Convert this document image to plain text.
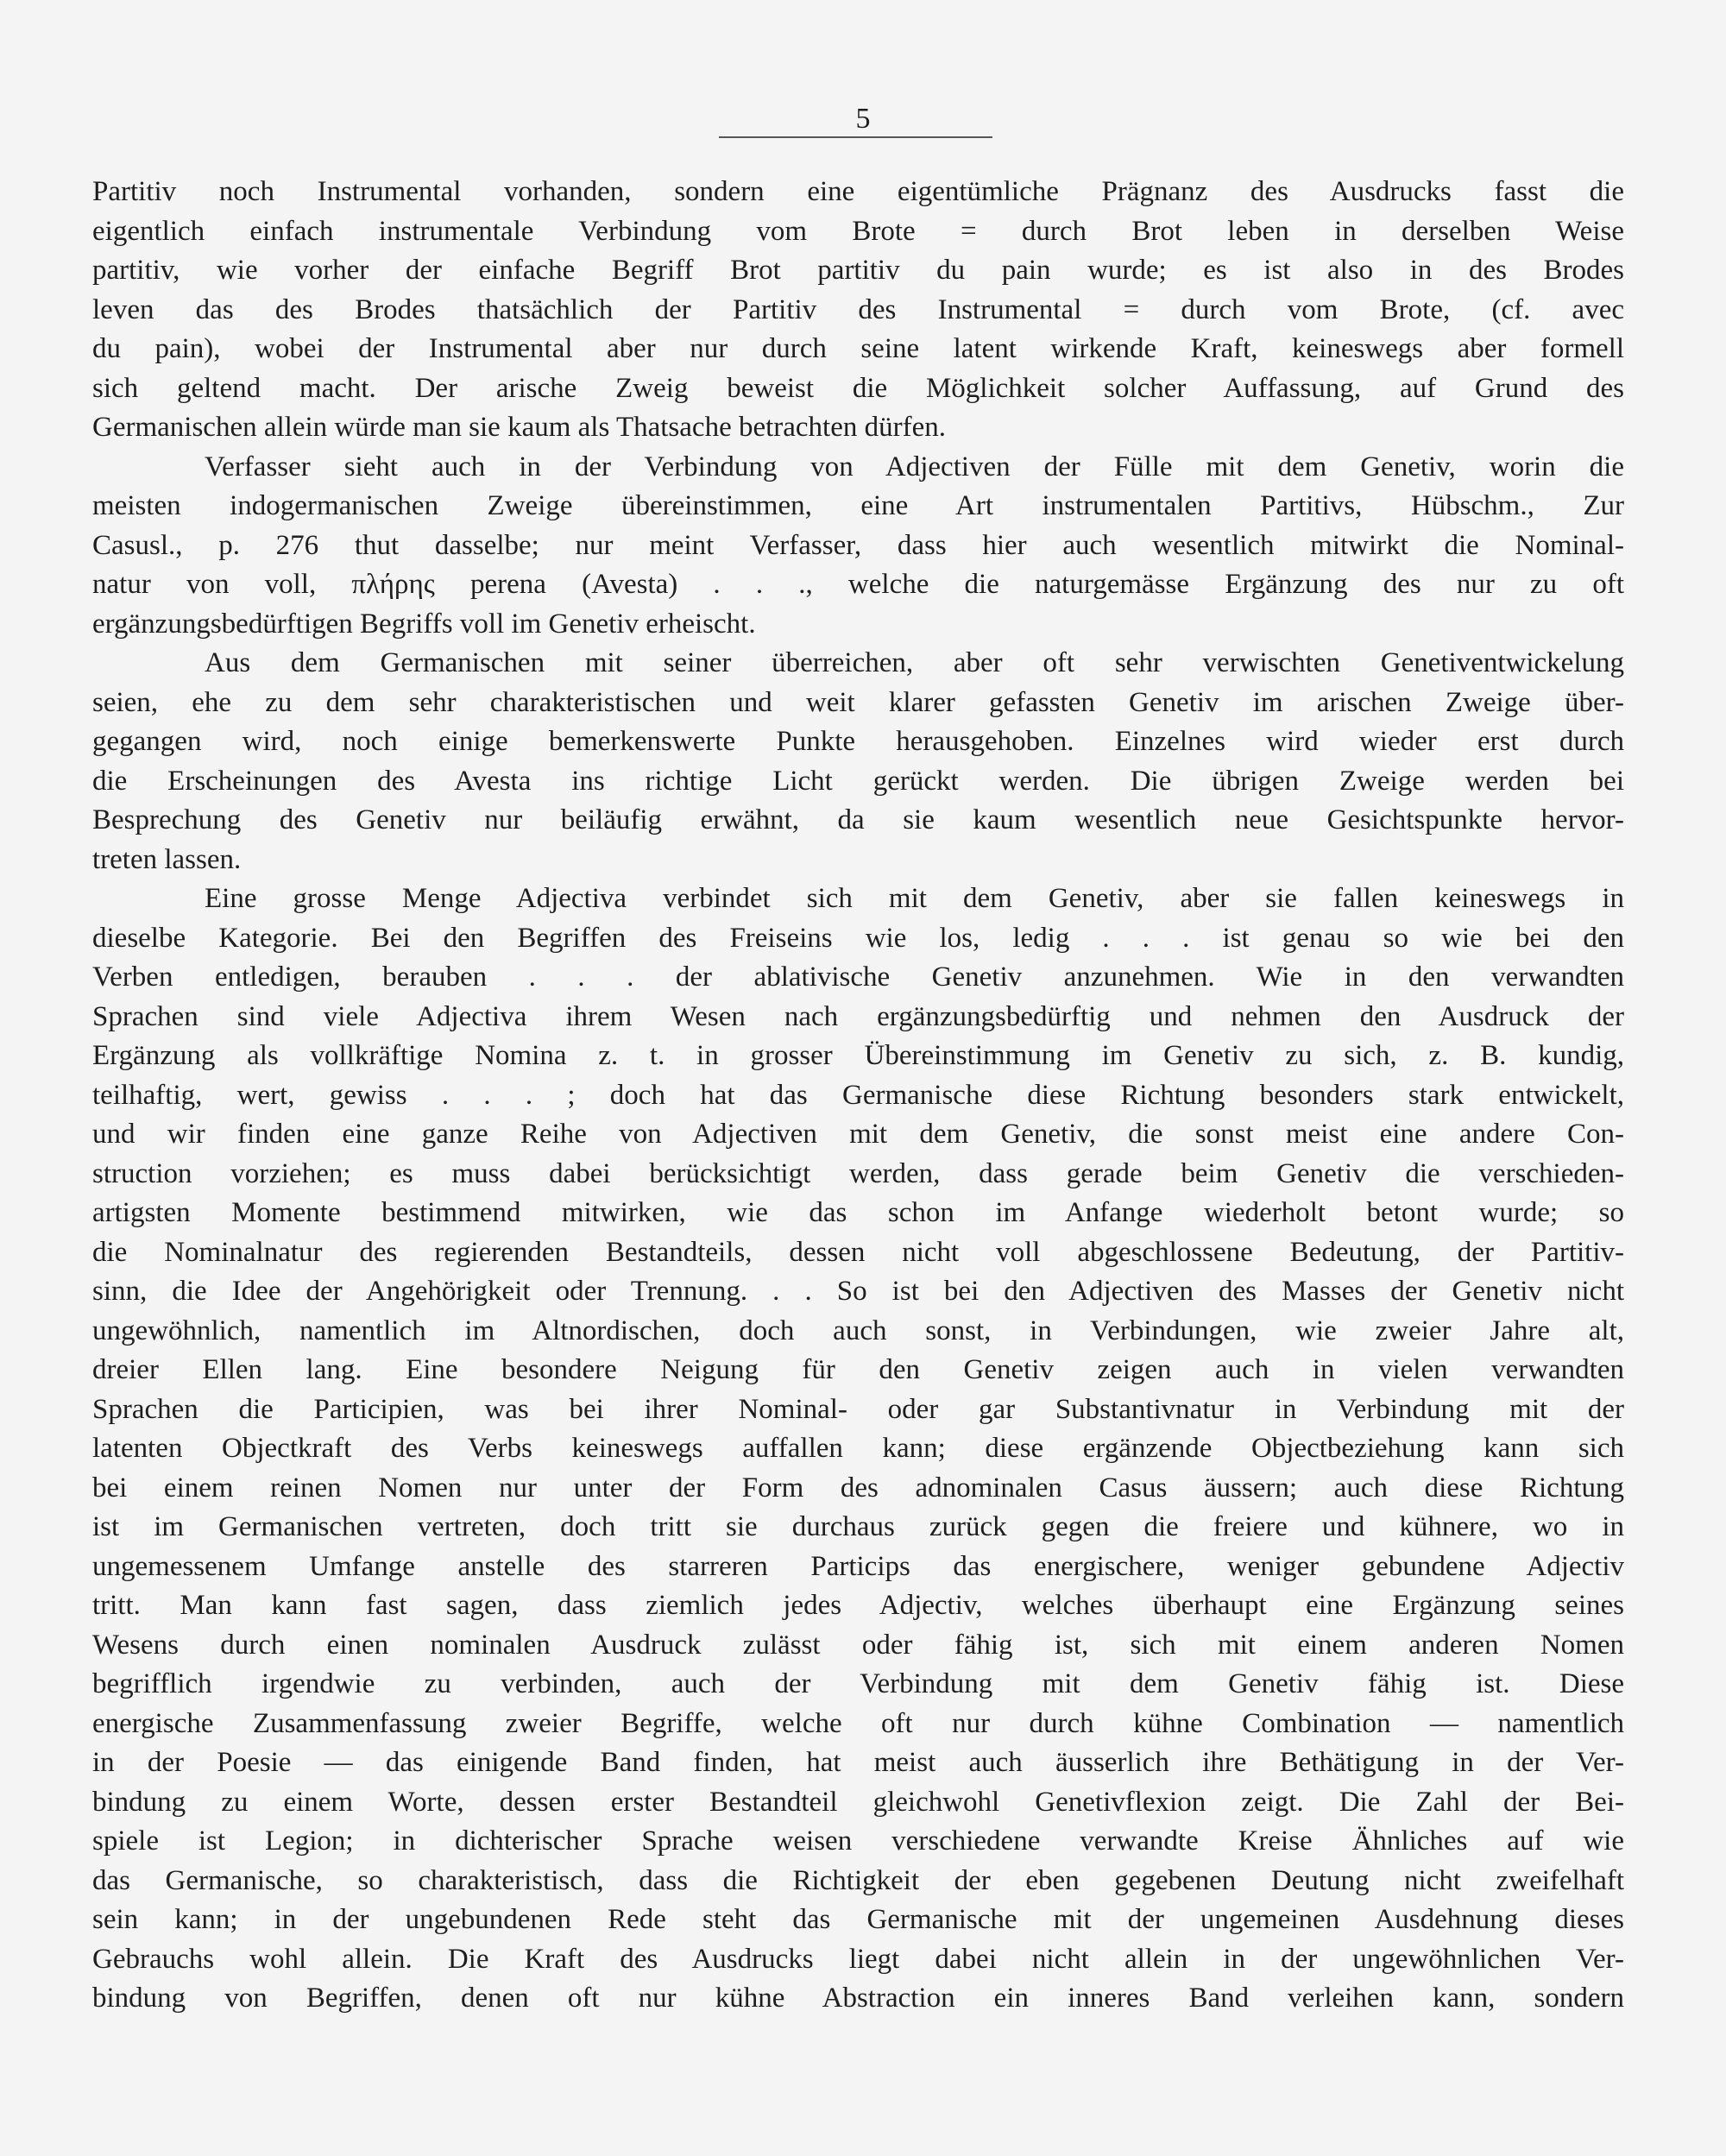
5
Partitiv noch Instrumental vorhanden, sondern eine eigentümliche Prägnanz des Ausdrucks fasst die
eigentlich einfach instrumentale Verbindung vom Brote = durch Brot leben in derselben Weise
partitiv, wie vorher der einfache Begriff Brot partitiv du pain wurde; es ist also in des Brodes
leven das des Brodes thatsächlich der Partitiv des Instrumental = durch vom Brote, (cf. avec
du pain), wobei der Instrumental aber nur durch seine latent wirkende Kraft, keineswegs aber formell
sich geltend macht. Der arische Zweig beweist die Möglichkeit solcher Auffassung, auf Grund des
Germanischen allein würde man sie kaum als Thatsache betrachten dürfen.
Verfasser sieht auch in der Verbindung von Adjectiven der Fülle mit dem Genetiv, worin die
meisten indogermanischen Zweige übereinstimmen, eine Art instrumentalen Partitivs, Hübschm., Zur
Casusl., p. 276 thut dasselbe; nur meint Verfasser, dass hier auch wesentlich mitwirkt die Nominal-
natur von voll, πλήρης perena (Avesta) . . ., welche die naturgemässe Ergänzung des nur zu oft
ergänzungsbedürftigen Begriffs voll im Genetiv erheischt.
Aus dem Germanischen mit seiner überreichen, aber oft sehr verwischten Genetiventwickelung
seien, ehe zu dem sehr charakteristischen und weit klarer gefassten Genetiv im arischen Zweige über-
gegangen wird, noch einige bemerkenswerte Punkte herausgehoben. Einzelnes wird wieder erst durch
die Erscheinungen des Avesta ins richtige Licht gerückt werden. Die übrigen Zweige werden bei
Besprechung des Genetiv nur beiläufig erwähnt, da sie kaum wesentlich neue Gesichtspunkte hervor-
treten lassen.
Eine grosse Menge Adjectiva verbindet sich mit dem Genetiv, aber sie fallen keineswegs in
dieselbe Kategorie. Bei den Begriffen des Freiseins wie los, ledig . . . ist genau so wie bei den
Verben entledigen, berauben . . . der ablativische Genetiv anzunehmen. Wie in den verwandten
Sprachen sind viele Adjectiva ihrem Wesen nach ergänzungsbedürftig und nehmen den Ausdruck der
Ergänzung als vollkräftige Nomina z. t. in grosser Übereinstimmung im Genetiv zu sich, z. B. kundig,
teilhaftig, wert, gewiss . . . ; doch hat das Germanische diese Richtung besonders stark entwickelt,
und wir finden eine ganze Reihe von Adjectiven mit dem Genetiv, die sonst meist eine andere Con-
struction vorziehen; es muss dabei berücksichtigt werden, dass gerade beim Genetiv die verschieden-
artigsten Momente bestimmend mitwirken, wie das schon im Anfange wiederholt betont wurde; so
die Nominalnatur des regierenden Bestandteils, dessen nicht voll abgeschlossene Bedeutung, der Partitiv-
sinn, die Idee der Angehörigkeit oder Trennung. . . So ist bei den Adjectiven des Masses der Genetiv nicht
ungewöhnlich, namentlich im Altnordischen, doch auch sonst, in Verbindungen, wie zweier Jahre alt,
dreier Ellen lang. Eine besondere Neigung für den Genetiv zeigen auch in vielen verwandten
Sprachen die Participien, was bei ihrer Nominal- oder gar Substantivnatur in Verbindung mit der
latenten Objectkraft des Verbs keineswegs auffallen kann; diese ergänzende Objectbeziehung kann sich
bei einem reinen Nomen nur unter der Form des adnominalen Casus äussern; auch diese Richtung
ist im Germanischen vertreten, doch tritt sie durchaus zurück gegen die freiere und kühnere, wo in
ungemessenem Umfange anstelle des starreren Particips das energischere, weniger gebundene Adjectiv
tritt. Man kann fast sagen, dass ziemlich jedes Adjectiv, welches überhaupt eine Ergänzung seines
Wesens durch einen nominalen Ausdruck zulässt oder fähig ist, sich mit einem anderen Nomen
begrifflich irgendwie zu verbinden, auch der Verbindung mit dem Genetiv fähig ist. Diese
energische Zusammenfassung zweier Begriffe, welche oft nur durch kühne Combination — namentlich
in der Poesie — das einigende Band finden, hat meist auch äusserlich ihre Bethätigung in der Ver-
bindung zu einem Worte, dessen erster Bestandteil gleichwohl Genetivflexion zeigt. Die Zahl der Bei-
spiele ist Legion; in dichterischer Sprache weisen verschiedene verwandte Kreise Ähnliches auf wie
das Germanische, so charakteristisch, dass die Richtigkeit der eben gegebenen Deutung nicht zweifelhaft
sein kann; in der ungebundenen Rede steht das Germanische mit der ungemeinen Ausdehnung dieses
Gebrauchs wohl allein. Die Kraft des Ausdrucks liegt dabei nicht allein in der ungewöhnlichen Ver-
bindung von Begriffen, denen oft nur kühne Abstraction ein inneres Band verleihen kann, sondern
